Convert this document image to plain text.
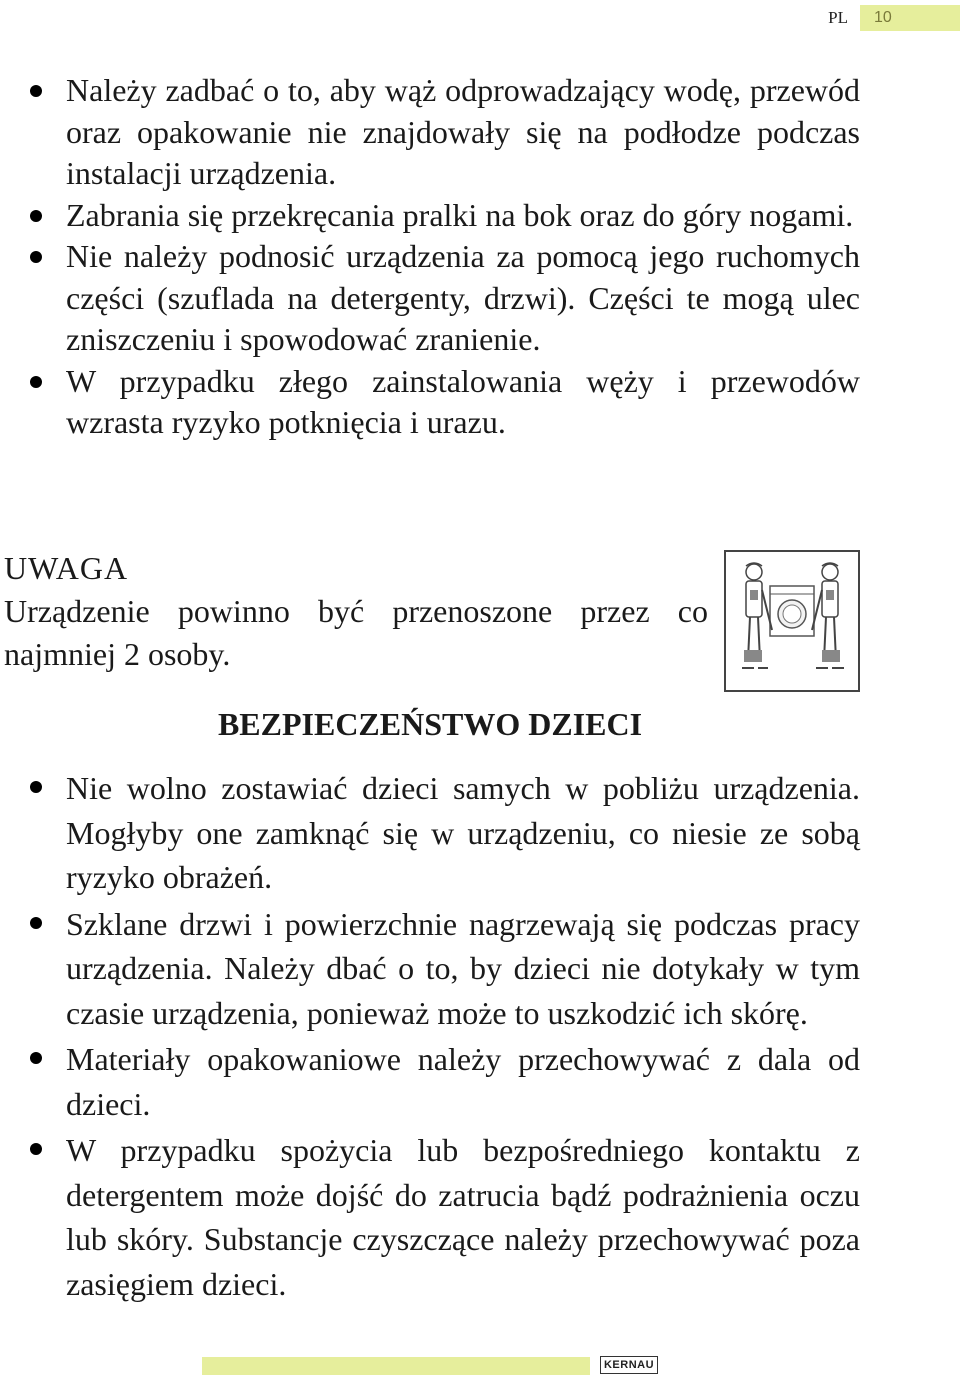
PL	10
Należy zadbać o to, aby wąż odprowadzający wodę, przewód oraz opakowanie nie znajdowały się na podłodze podczas instalacji urządzenia.
Zabrania się przekręcania pralki na bok oraz do góry nogami.
Nie należy podnosić urządzenia za pomocą jego ruchomych części (szuflada na detergenty, drzwi). Części te mogą ulec zniszczeniu i spowodować zranienie.
W przypadku złego zainstalowania węży i przewodów wzrasta ryzyko potknięcia i urazu.
UWAGA
Urządzenie powinno być przenoszone przez co najmniej 2 osoby.
BEZPIECZEŃSTWO DZIECI
Nie wolno zostawiać dzieci samych w pobliżu urządzenia. Mogłyby one zamknąć się w urządzeniu, co niesie ze sobą ryzyko obrażeń.
Szklane drzwi i powierzchnie nagrzewają się podczas pracy urządzenia. Należy dbać o to, by dzieci nie dotykały w tym czasie urządzenia, ponieważ może to uszkodzić ich skórę.
Materiały opakowaniowe należy przechowywać z dala od dzieci.
W przypadku spożycia lub bezpośredniego kontaktu z detergentem może dojść do zatrucia bądź podrażnienia oczu lub skóry. Substancje czyszczące należy przechowywać poza zasięgiem dzieci.
KERNAU
